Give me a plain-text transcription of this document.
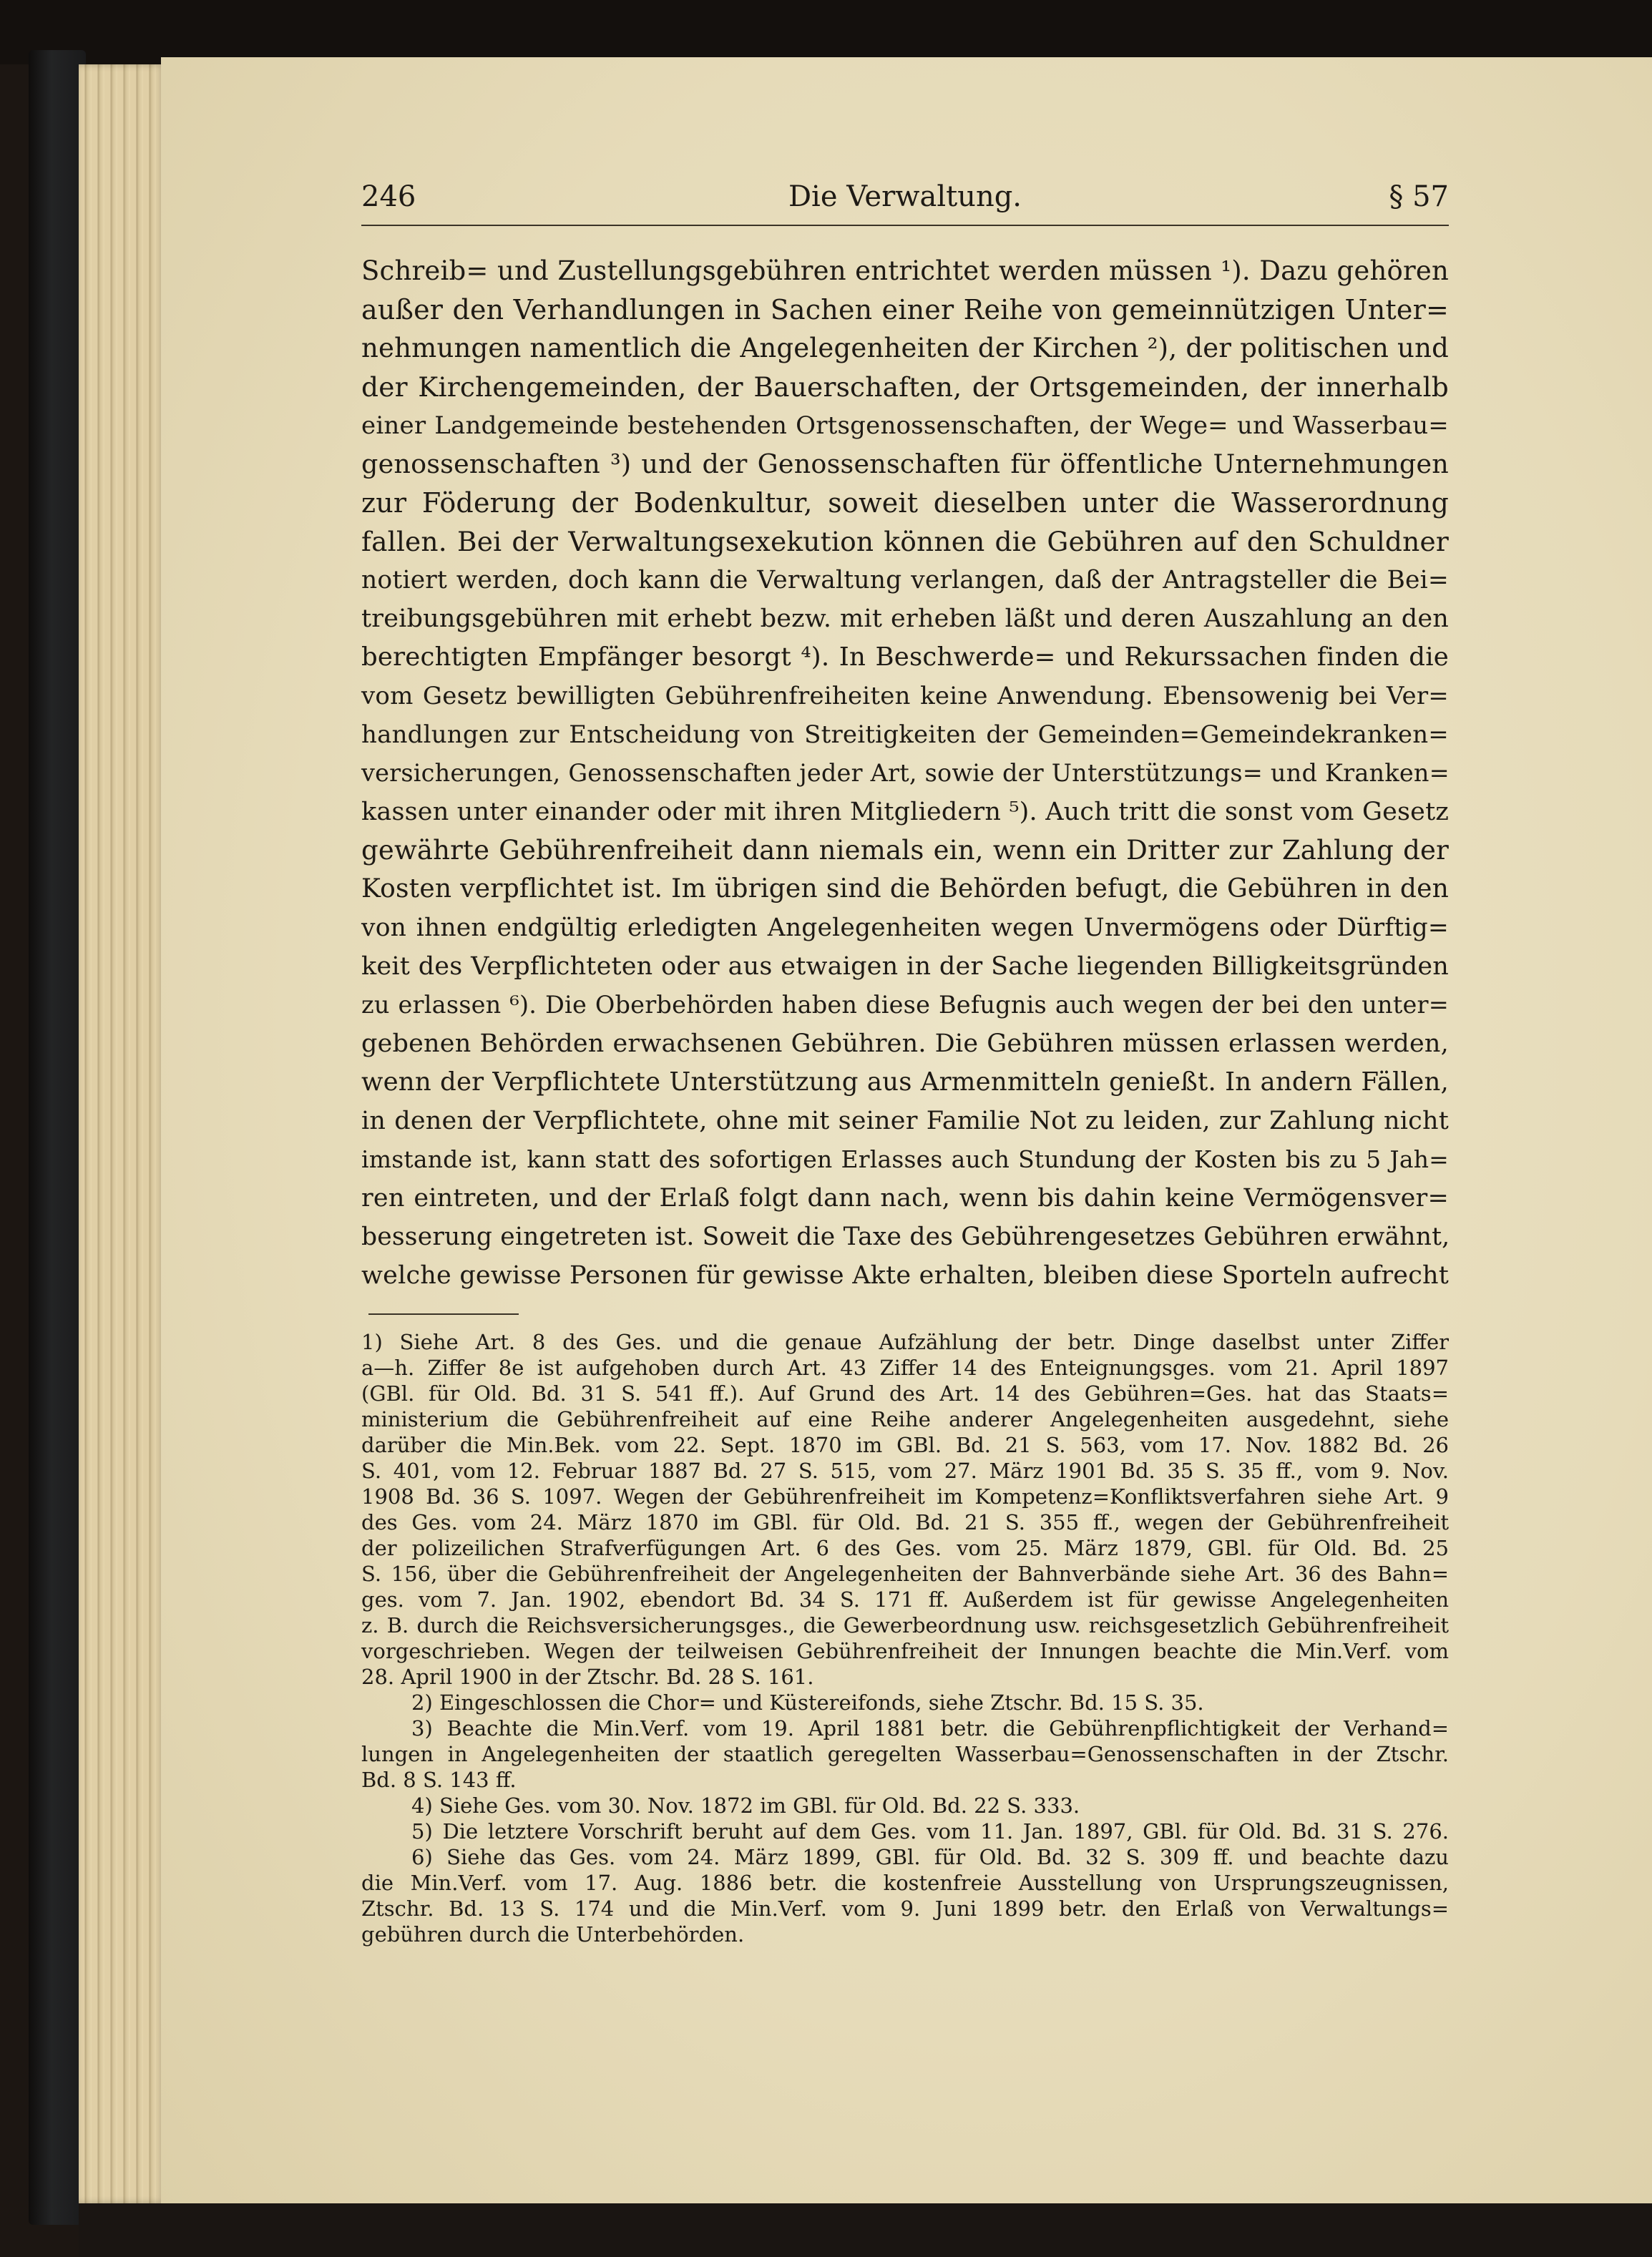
246	Die Verwaltung.	§ 57
Schreib= und Zustellungsgebühren entrichtet werden müssen ¹). Dazu gehören
außer den Verhandlungen in Sachen einer Reihe von gemeinnützigen Unter=
nehmungen namentlich die Angelegenheiten der Kirchen ²), der politischen und
der Kirchengemeinden, der Bauerschaften, der Ortsgemeinden, der innerhalb
einer Landgemeinde bestehenden Ortsgenossenschaften, der Wege= und Wasserbau=
genossenschaften ³) und der Genossenschaften für öffentliche Unternehmungen
zur Föderung der Bodenkultur, soweit dieselben unter die Wasserordnung
fallen. Bei der Verwaltungsexekution können die Gebühren auf den Schuldner
notiert werden, doch kann die Verwaltung verlangen, daß der Antragsteller die Bei=
treibungsgebühren mit erhebt bezw. mit erheben läßt und deren Auszahlung an den
berechtigten Empfänger besorgt ⁴). In Beschwerde= und Rekurssachen finden die
vom Gesetz bewilligten Gebührenfreiheiten keine Anwendung. Ebensowenig bei Ver=
handlungen zur Entscheidung von Streitigkeiten der Gemeinden=Gemeindekranken=
versicherungen, Genossenschaften jeder Art, sowie der Unterstützungs= und Kranken=
kassen unter einander oder mit ihren Mitgliedern ⁵). Auch tritt die sonst vom Gesetz
gewährte Gebührenfreiheit dann niemals ein, wenn ein Dritter zur Zahlung der
Kosten verpflichtet ist. Im übrigen sind die Behörden befugt, die Gebühren in den
von ihnen endgültig erledigten Angelegenheiten wegen Unvermögens oder Dürftig=
keit des Verpflichteten oder aus etwaigen in der Sache liegenden Billigkeitsgründen
zu erlassen ⁶). Die Oberbehörden haben diese Befugnis auch wegen der bei den unter=
gebenen Behörden erwachsenen Gebühren. Die Gebühren müssen erlassen werden,
wenn der Verpflichtete Unterstützung aus Armenmitteln genießt. In andern Fällen,
in denen der Verpflichtete, ohne mit seiner Familie Not zu leiden, zur Zahlung nicht
imstande ist, kann statt des sofortigen Erlasses auch Stundung der Kosten bis zu 5 Jah=
ren eintreten, und der Erlaß folgt dann nach, wenn bis dahin keine Vermögensver=
besserung eingetreten ist. Soweit die Taxe des Gebührengesetzes Gebühren erwähnt,
welche gewisse Personen für gewisse Akte erhalten, bleiben diese Sporteln aufrecht
1) Siehe Art. 8 des Ges. und die genaue Aufzählung der betr. Dinge daselbst unter Ziffer
a—h. Ziffer 8e ist aufgehoben durch Art. 43 Ziffer 14 des Enteignungsges. vom 21. April 1897
(GBl. für Old. Bd. 31 S. 541 ff.). Auf Grund des Art. 14 des Gebühren=Ges. hat das Staats=
ministerium die Gebührenfreiheit auf eine Reihe anderer Angelegenheiten ausgedehnt, siehe
darüber die Min.Bek. vom 22. Sept. 1870 im GBl. Bd. 21 S. 563, vom 17. Nov. 1882 Bd. 26
S. 401, vom 12. Februar 1887 Bd. 27 S. 515, vom 27. März 1901 Bd. 35 S. 35 ff., vom 9. Nov.
1908 Bd. 36 S. 1097. Wegen der Gebührenfreiheit im Kompetenz=Konfliktsverfahren siehe Art. 9
des Ges. vom 24. März 1870 im GBl. für Old. Bd. 21 S. 355 ff., wegen der Gebührenfreiheit
der polizeilichen Strafverfügungen Art. 6 des Ges. vom 25. März 1879, GBl. für Old. Bd. 25
S. 156, über die Gebührenfreiheit der Angelegenheiten der Bahnverbände siehe Art. 36 des Bahn=
ges. vom 7. Jan. 1902, ebendort Bd. 34 S. 171 ff. Außerdem ist für gewisse Angelegenheiten
z. B. durch die Reichsversicherungsges., die Gewerbeordnung usw. reichsgesetzlich Gebührenfreiheit
vorgeschrieben. Wegen der teilweisen Gebührenfreiheit der Innungen beachte die Min.Verf. vom
28. April 1900 in der Ztschr. Bd. 28 S. 161.
2) Eingeschlossen die Chor= und Küstereifonds, siehe Ztschr. Bd. 15 S. 35.
3) Beachte die Min.Verf. vom 19. April 1881 betr. die Gebührenpflichtigkeit der Verhand=
lungen in Angelegenheiten der staatlich geregelten Wasserbau=Genossenschaften in der Ztschr.
Bd. 8 S. 143 ff.
4) Siehe Ges. vom 30. Nov. 1872 im GBl. für Old. Bd. 22 S. 333.
5) Die letztere Vorschrift beruht auf dem Ges. vom 11. Jan. 1897, GBl. für Old. Bd. 31 S. 276.
6) Siehe das Ges. vom 24. März 1899, GBl. für Old. Bd. 32 S. 309 ff. und beachte dazu
die Min.Verf. vom 17. Aug. 1886 betr. die kostenfreie Ausstellung von Ursprungszeugnissen,
Ztschr. Bd. 13 S. 174 und die Min.Verf. vom 9. Juni 1899 betr. den Erlaß von Verwaltungs=
gebühren durch die Unterbehörden.
